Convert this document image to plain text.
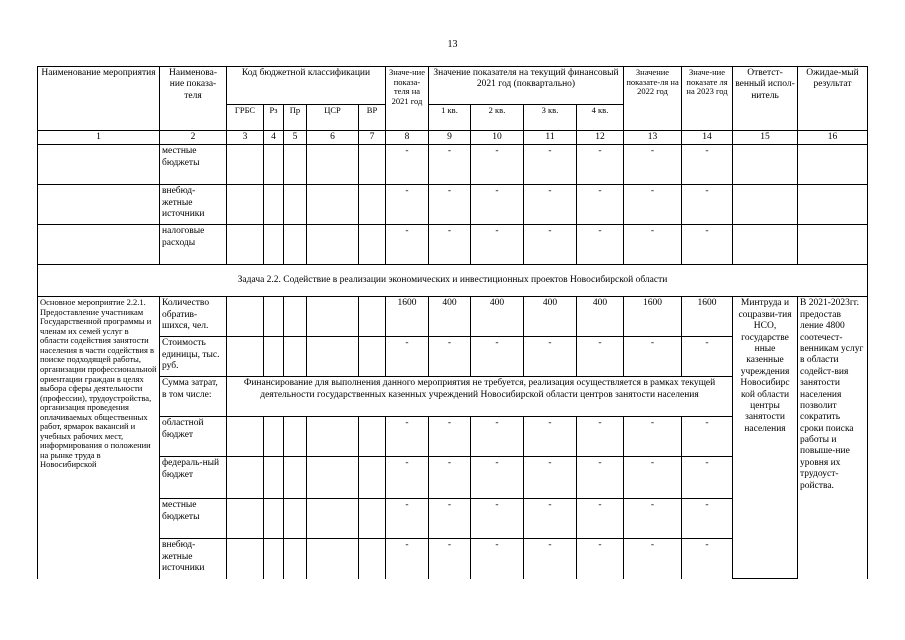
13
Наименование мероприятия	Наименова-ние показа-теля	Код бюджетной классификации					Значе-ние показа-теля на 2021 год	Значение показателя на текущий финансовый 2021 год (поквартально)				Значение показате-ля на 2022 год	Значе-ние показате ля на 2023 год	Ответст-венный испол-нитель	Ожидае-мый результат
		ГРБС	Рз	Пр	ЦСР	ВР		1 кв.	2 кв.	3 кв.	4 кв.				
1	2	3	4	5	6	7	8	9	10	11	12	13	14	15	16
	местные бюджеты						-	-	-	-	-	-	-		
	внебюд-жетные источники						-	-	-	-	-	-	-		
	налоговые расходы						-	-	-	-	-	-	-		
Задача 2.2. Содействие в реализации экономических и инвестиционных проектов Новосибирской области															
Основное мероприятие 2.2.1. Предоставление участникам Государственной программы и членам их семей услуг в области содействия занятости населения в части содействия в поиске подходящей работы, организации профессиональной ориентации граждан в целях выбора сферы деятельности (профессии), трудоустройства, организация проведения оплачиваемых общественных работ, ярмарок вакансий и учебных рабочих мест, информирования о положении на рынке труда в Новосибирской	Количество обратив-шихся, чел.						1600	400	400	400	400	1600	1600	Минтруда и соцразви-тия НСО, государстве нные казенные учреждения Новосибирс кой области центры занятости населения	В 2021-2023гг. предостав ление 4800 соотечест-венникам услуг в области содейст-вия занятости населения позволит сократить сроки поиска работы и повыше-ние уровня их трудоуст-ройства.
	Стоимость единицы, тыс. руб.						-	-	-	-	-	-	-		
	Сумма затрат, в том числе:	Финансирование для выполнения данного мероприятия не требуется, реализация осуществляется в рамках текущей деятельности государственных казенных учреждений Новосибирской области центров занятости населения													
	областной бюджет						-	-	-	-	-	-	-		
	федераль-ный бюджет						-	-	-	-	-	-	-		
	местные бюджеты						-	-	-	-	-	-	-		
	внебюд-жетные источники						-	-	-	-	-	-	-		
